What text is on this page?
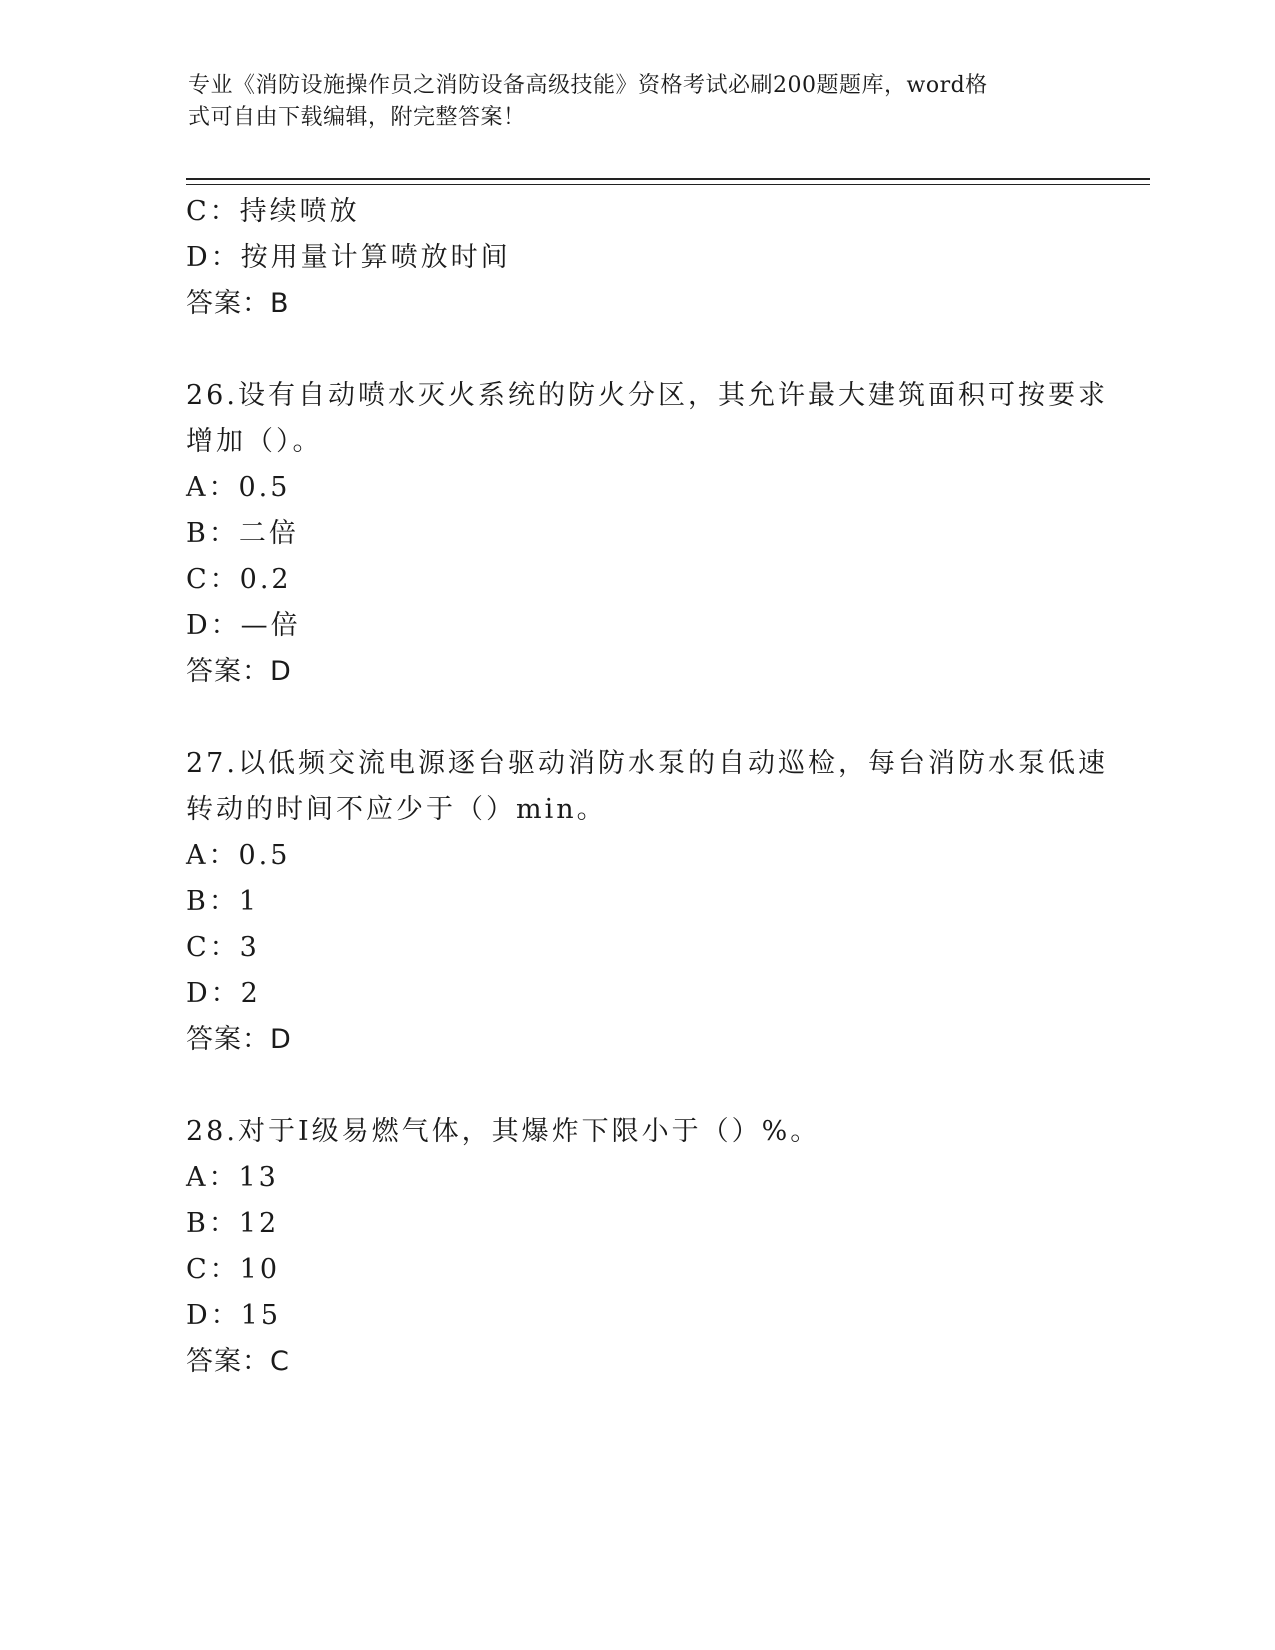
专业《消防设施操作员之消防设备高级技能》资格考试必刷200题题库，word格
式可自由下载编辑，附完整答案！
C：持续喷放
D：按用量计算喷放时间
答案：B
26.设有自动喷水灭火系统的防火分区，其允许最大建筑面积可按要求
增加（）。
A：0.5
B：二倍
C：0.2
D：—倍
答案：D
27.以低频交流电源逐台驱动消防水泵的自动巡检，每台消防水泵低速
转动的时间不应少于（）min。
A：0.5
B：1
C：3
D：2
答案：D
28.对于Ⅰ级易燃气体，其爆炸下限小于（）%。
A：13
B：12
C：10
D：15
答案：C
